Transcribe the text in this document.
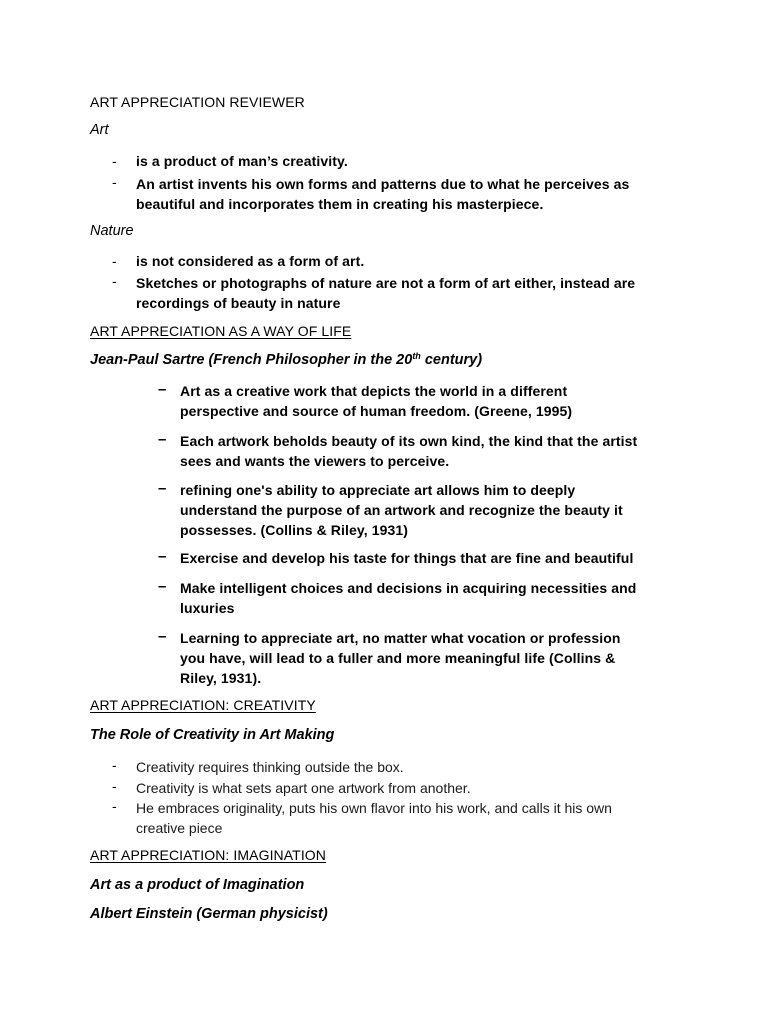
ART APPRECIATION REVIEWER
Art
- is a product of man’s creativity.
- An artist invents his own forms and patterns due to what he perceives as
beautiful and incorporates them in creating his masterpiece.
Nature
- is not considered as a form of art.
- Sketches or photographs of nature are not a form of art either, instead are
recordings of beauty in nature
ART APPRECIATION AS A WAY OF LIFE
Jean-Paul Sartre (French Philosopher in the 20th century)
– Art as a creative work that depicts the world in a different
perspective and source of human freedom. (Greene, 1995)
– Each artwork beholds beauty of its own kind, the kind that the artist
sees and wants the viewers to perceive.
– refining one's ability to appreciate art allows him to deeply
understand the purpose of an artwork and recognize the beauty it
possesses. (Collins & Riley, 1931)
– Exercise and develop his taste for things that are fine and beautiful
– Make intelligent choices and decisions in acquiring necessities and
luxuries
– Learning to appreciate art, no matter what vocation or profession
you have, will lead to a fuller and more meaningful life (Collins &
Riley, 1931).
ART APPRECIATION: CREATIVITY
The Role of Creativity in Art Making
- Creativity requires thinking outside the box.
- Creativity is what sets apart one artwork from another.
- He embraces originality, puts his own flavor into his work, and calls it his own
creative piece
ART APPRECIATION: IMAGINATION
Art as a product of Imagination
Albert Einstein (German physicist)
